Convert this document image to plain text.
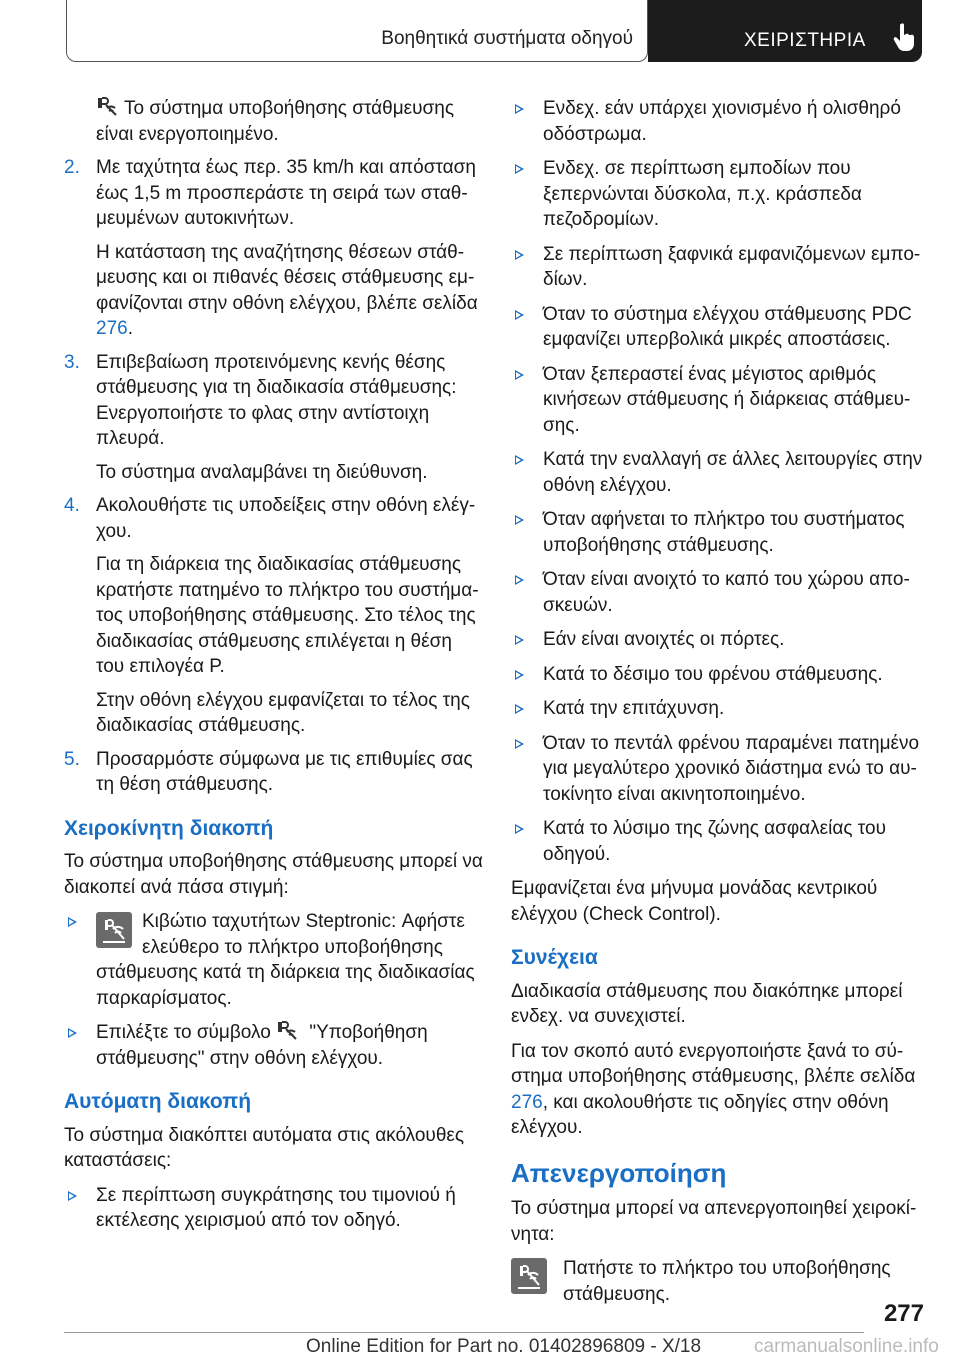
Βοηθητικά συστήματα οδηγού	ΧΕΙΡΙΣΤΗΡΙΑ

Το σύστημα υποβοήθησης στάθμευσης είναι ενεργοποιημένο.

2. Με ταχύτητα έως περ. 35 km/h και απόσταση έως 1,5 m προσπεράστε τη σειρά των σταθμευμένων αυτοκινήτων.

Η κατάσταση της αναζήτησης θέσεων στάθμευσης και οι πιθανές θέσεις στάθμευσης εμφανίζονται στην οθόνη ελέγχου, βλέπε σελίδα 276.

3. Επιβεβαίωση προτεινόμενης κενής θέσης στάθμευσης για τη διαδικασία στάθμευσης: Ενεργοποιήστε το φλας στην αντίστοιχη πλευρά.

Το σύστημα αναλαμβάνει τη διεύθυνση.

4. Ακολουθήστε τις υποδείξεις στην οθόνη ελέγχου.

Για τη διάρκεια της διαδικασίας στάθμευσης κρατήστε πατημένο το πλήκτρο του συστήματος υποβοήθησης στάθμευσης. Στο τέλος της διαδικασίας στάθμευσης επιλέγεται η θέση του επιλογέα P.

Στην οθόνη ελέγχου εμφανίζεται το τέλος της διαδικασίας στάθμευσης.

5. Προσαρμόστε σύμφωνα με τις επιθυμίες σας τη θέση στάθμευσης.
Χειροκίνητη διακοπή

Το σύστημα υποβοήθησης στάθμευσης μπορεί να διακοπεί ανά πάσα στιγμή:

Κιβώτιο ταχυτήτων Steptronic: Αφήστε ελεύθερο το πλήκτρο υποβοήθησης στάθμευσης κατά τη διάρκεια της διαδικασίας παρκαρίσματος.
Επιλέξτε το σύμβολο  "Υποβοήθηση στάθμευσης" στην οθόνη ελέγχου.
Αυτόματη διακοπή

Το σύστημα διακόπτει αυτόματα στις ακόλουθες καταστάσεις:

Σε περίπτωση συγκράτησης του τιμονιού ή εκτέλεσης χειρισμού από τον οδηγό.
Ενδεχ. εάν υπάρχει χιονισμένο ή ολισθηρό οδόστρωμα.
Ενδεχ. σε περίπτωση εμποδίων που ξεπερνώνται δύσκολα, π.χ. κράσπεδα πεζοδρομίων.
Σε περίπτωση ξαφνικά εμφανιζόμενων εμποδίων.
Όταν το σύστημα ελέγχου στάθμευσης PDC εμφανίζει υπερβολικά μικρές αποστάσεις.
Όταν ξεπεραστεί ένας μέγιστος αριθμός κινήσεων στάθμευσης ή διάρκειας στάθμευσης.
Κατά την εναλλαγή σε άλλες λειτουργίες στην οθόνη ελέγχου.
Όταν αφήνεται το πλήκτρο του συστήματος υποβοήθησης στάθμευσης.
Όταν είναι ανοιχτό το καπό του χώρου αποσκευών.
Εάν είναι ανοιχτές οι πόρτες.
Κατά το δέσιμο του φρένου στάθμευσης.
Κατά την επιτάχυνση.
Όταν το πεντάλ φρένου παραμένει πατημένο για μεγαλύτερο χρονικό διάστημα ενώ το αυτοκίνητο είναι ακινητοποιημένο.
Κατά το λύσιμο της ζώνης ασφαλείας του οδηγού.

Εμφανίζεται ένα μήνυμα μονάδας κεντρικού ελέγχου (Check Control).

Συνέχεια

Διαδικασία στάθμευσης που διακόπηκε μπορεί ενδεχ. να συνεχιστεί.

Για τον σκοπό αυτό ενεργοποιήστε ξανά το σύστημα υποβοήθησης στάθμευσης, βλέπε σελίδα 276, και ακολουθήστε τις οδηγίες στην οθόνη ελέγχου.

Απενεργοποίηση

Το σύστημα μπορεί να απενεργοποιηθεί χειροκίνητα:

Πατήστε το πλήκτρο του υποβοήθησης στάθμευσης.
277
Online Edition for Part no. 01402896809 - X/18	carmanualsonline.info
